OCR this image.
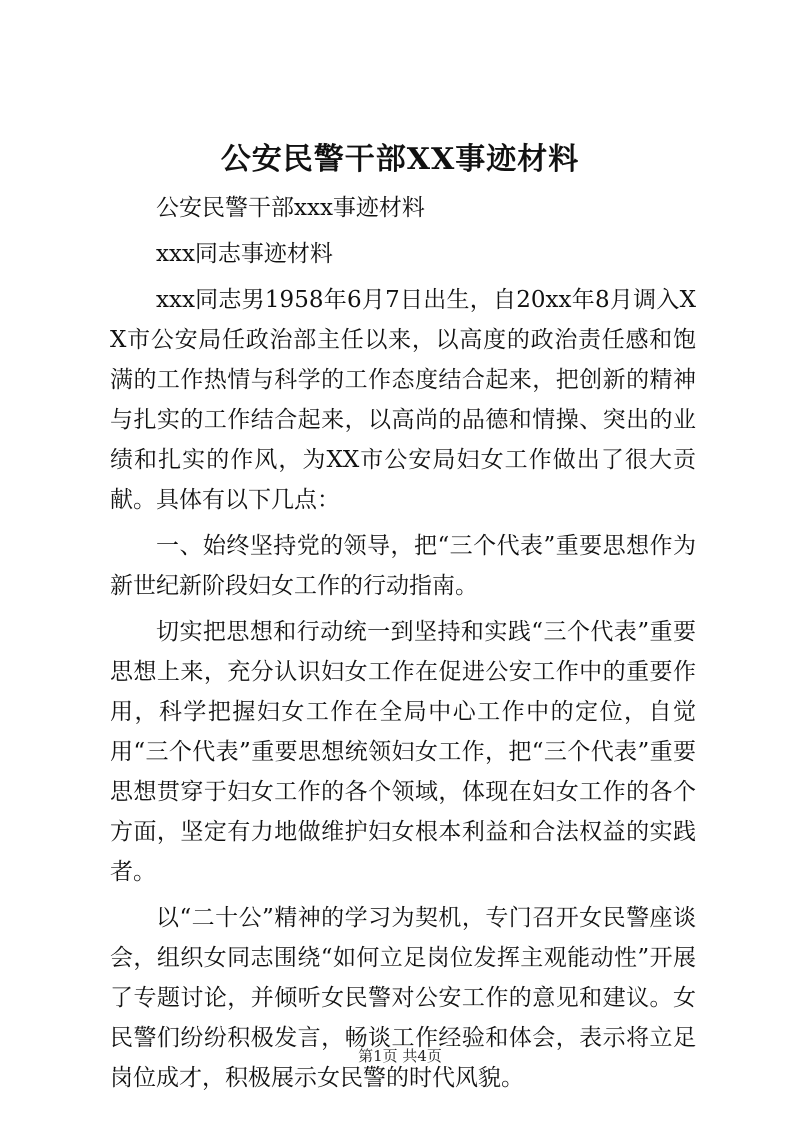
公安民警干部XX事迹材料

公安民警干部xxx事迹材料

xxx同志事迹材料

xxx同志男1958年6月7日出生，自20xx年8月调入XX市公安局任政治部主任以来，以高度的政治责任感和饱满的工作热情与科学的工作态度结合起来，把创新的精神与扎实的工作结合起来，以高尚的品德和情操、突出的业绩和扎实的作风，为XX市公安局妇女工作做出了很大贡献。具体有以下几点：

一、始终坚持党的领导，把“三个代表”重要思想作为新世纪新阶段妇女工作的行动指南。

切实把思想和行动统一到坚持和实践“三个代表”重要思想上来，充分认识妇女工作在促进公安工作中的重要作用，科学把握妇女工作在全局中心工作中的定位，自觉用“三个代表”重要思想统领妇女工作，把“三个代表”重要思想贯穿于妇女工作的各个领域，体现在妇女工作的各个方面，坚定有力地做维护妇女根本利益和合法权益的实践者。

以“二十公”精神的学习为契机，专门召开女民警座谈会，组织女同志围绕“如何立足岗位发挥主观能动性”开展了专题讨论，并倾听女民警对公安工作的意见和建议。女民警们纷纷积极发言，畅谈工作经验和体会，表示将立足岗位成才，积极展示女民警的时代风貌。

第1页 共4页
